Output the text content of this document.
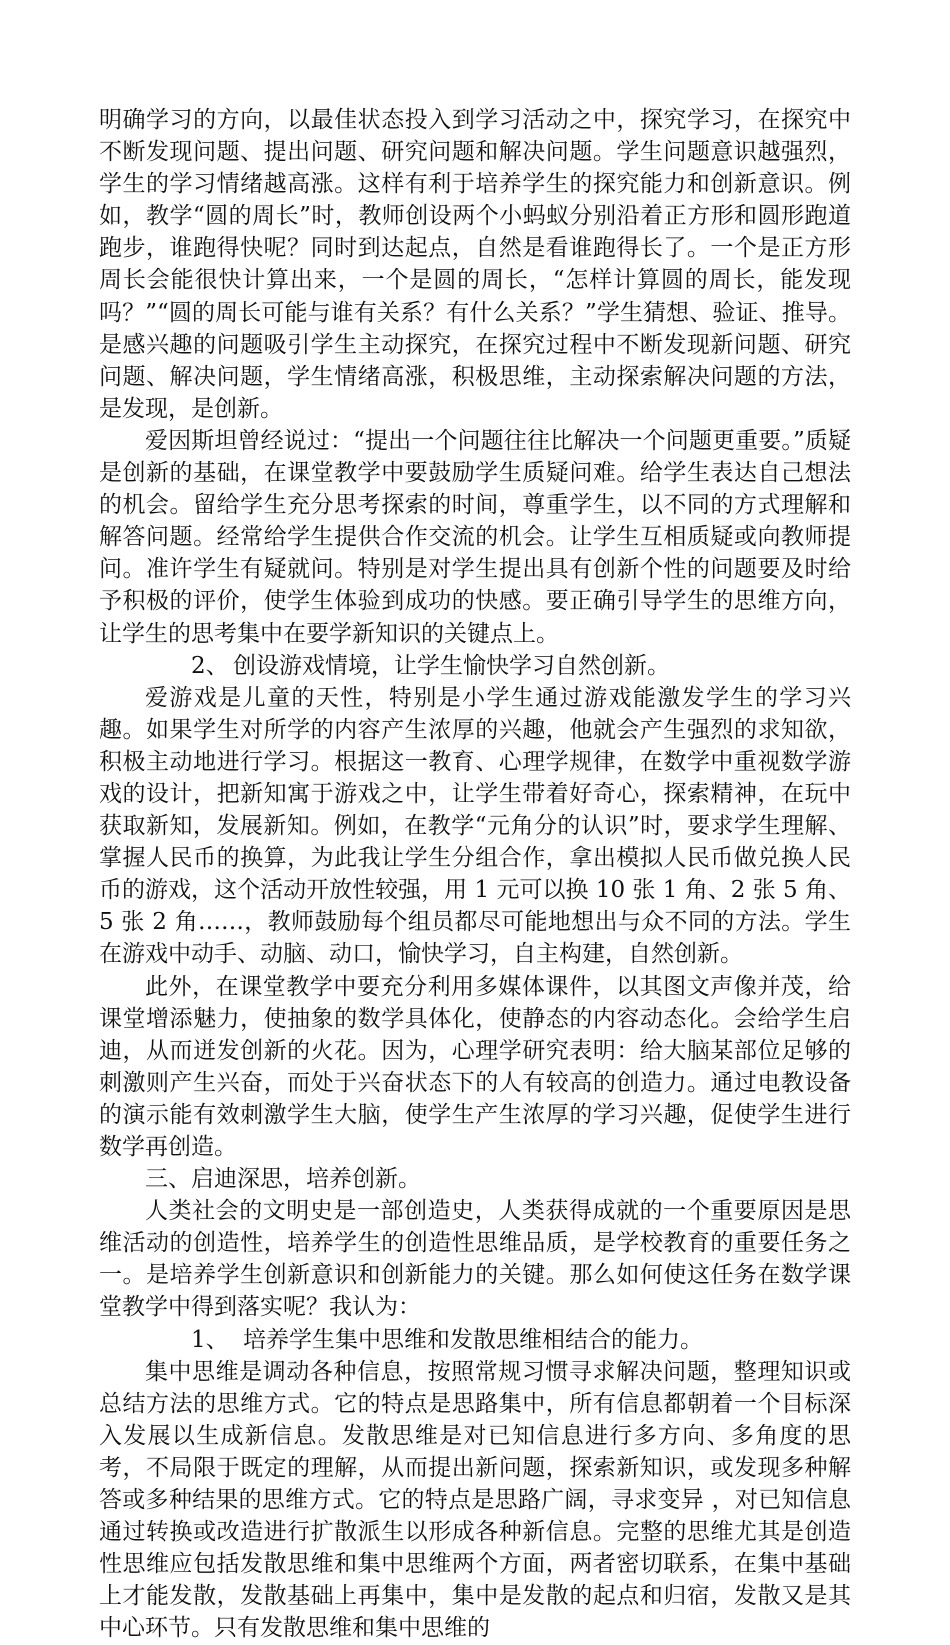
明确学习的方向，以最佳状态投入到学习活动之中，探究学习，在探究中不断发现问题、提出问题、研究问题和解决问题。学生问题意识越强烈，学生的学习情绪越高涨。这样有利于培养学生的探究能力和创新意识。例如，教学“圆的周长”时，教师创设两个小蚂蚁分别沿着正方形和圆形跑道跑步，谁跑得快呢？同时到达起点，自然是看谁跑得长了。一个是正方形周长会能很快计算出来，一个是圆的周长，“怎样计算圆的周长，能发现吗？”“圆的周长可能与谁有关系？有什么关系？”学生猜想、验证、推导。是感兴趣的问题吸引学生主动探究，在探究过程中不断发现新问题、研究问题、解决问题，学生情绪高涨，积极思维，主动探索解决问题的方法，是发现，是创新。

爱因斯坦曾经说过：“提出一个问题往往比解决一个问题更重要。”质疑是创新的基础，在课堂教学中要鼓励学生质疑问难。给学生表达自己想法的机会。留给学生充分思考探索的时间，尊重学生，以不同的方式理解和解答问题。经常给学生提供合作交流的机会。让学生互相质疑或向教师提问。准许学生有疑就问。特别是对学生提出具有创新个性的问题要及时给予积极的评价，使学生体验到成功的快感。要正确引导学生的思维方向，让学生的思考集中在要学新知识的关键点上。

2、 创设游戏情境，让学生愉快学习自然创新。

爱游戏是儿童的天性，特别是小学生通过游戏能激发学生的学习兴趣。如果学生对所学的内容产生浓厚的兴趣，他就会产生强烈的求知欲，积极主动地进行学习。根据这一教育、心理学规律，在数学中重视数学游戏的设计，把新知寓于游戏之中，让学生带着好奇心，探索精神，在玩中获取新知，发展新知。例如，在教学“元角分的认识”时，要求学生理解、掌握人民币的换算，为此我让学生分组合作，拿出模拟人民币做兑换人民币的游戏，这个活动开放性较强，用 1 元可以换 10 张 1 角、2 张 5 角、5 张 2 角……，教师鼓励每个组员都尽可能地想出与众不同的方法。学生在游戏中动手、动脑、动口，愉快学习，自主构建，自然创新。

此外，在课堂教学中要充分利用多媒体课件，以其图文声像并茂，给课堂增添魅力，使抽象的数学具体化，使静态的内容动态化。会给学生启迪，从而迸发创新的火花。因为，心理学研究表明：给大脑某部位足够的刺激则产生兴奋，而处于兴奋状态下的人有较高的创造力。通过电教设备的演示能有效刺激学生大脑，使学生产生浓厚的学习兴趣，促使学生进行数学再创造。

三、启迪深思，培养创新。

人类社会的文明史是一部创造史，人类获得成就的一个重要原因是思维活动的创造性，培养学生的创造性思维品质，是学校教育的重要任务之一。是培养学生创新意识和创新能力的关键。那么如何使这任务在数学课堂教学中得到落实呢？我认为：

1、 培养学生集中思维和发散思维相结合的能力。

集中思维是调动各种信息，按照常规习惯寻求解决问题，整理知识或总结方法的思维方式。它的特点是思路集中，所有信息都朝着一个目标深入发展以生成新信息。发散思维是对已知信息进行多方向、多角度的思考，不局限于既定的理解，从而提出新问题，探索新知识，或发现多种解答或多种结果的思维方式。它的特点是思路广阔，寻求变异 ，对已知信息通过转换或改造进行扩散派生以形成各种新信息。完整的思维尤其是创造性思维应包括发散思维和集中思维两个方面，两者密切联系，在集中基础上才能发散，发散基础上再集中，集中是发散的起点和归宿，发散又是其中心环节。只有发散思维和集中思维的
